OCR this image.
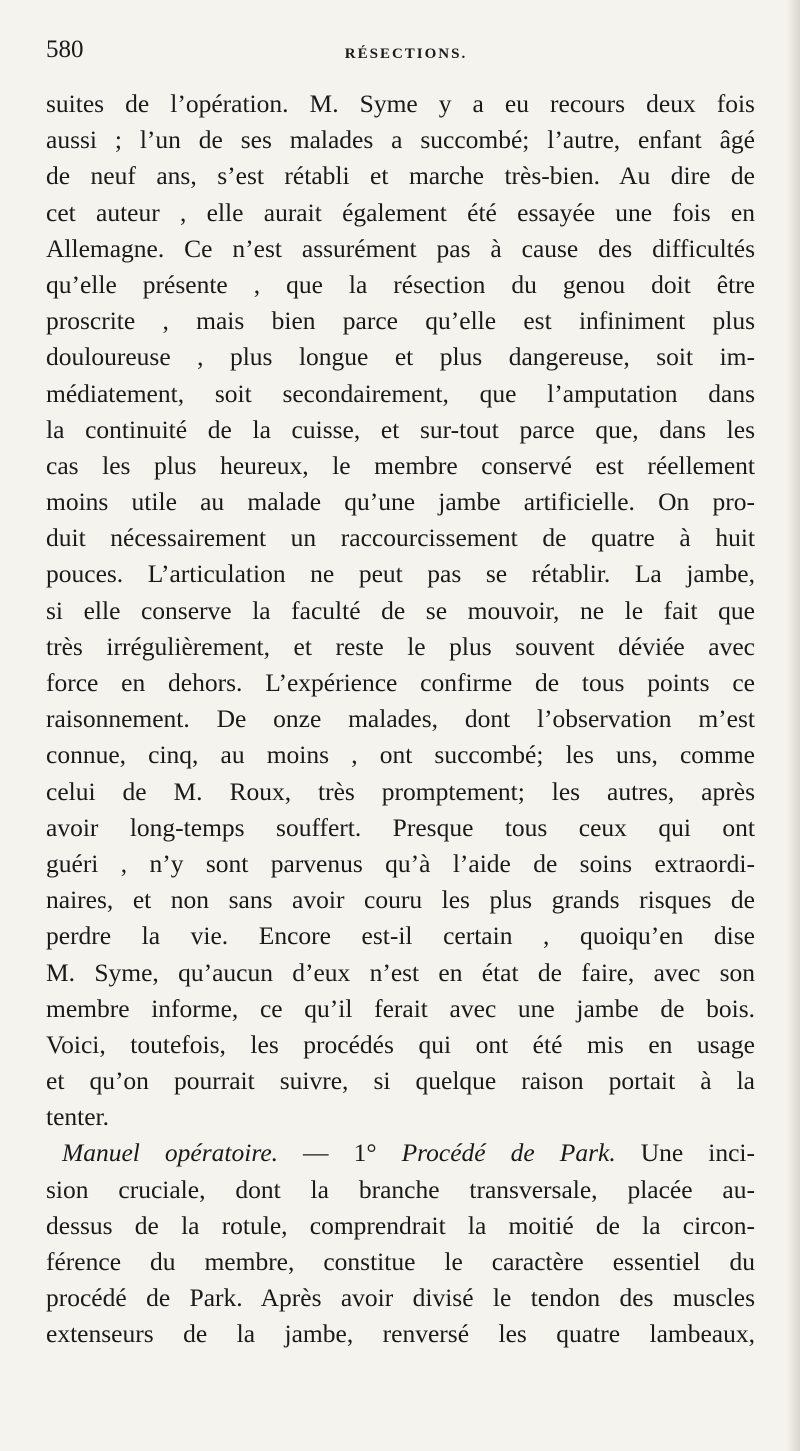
580	RÉSECTIONS.
suites de l’opération. M. Syme y a eu recours deux fois
aussi ; l’un de ses malades a succombé; l’autre, enfant âgé
de neuf ans, s’est rétabli et marche très-bien. Au dire de
cet auteur , elle aurait également été essayée une fois en
Allemagne. Ce n’est assurément pas à cause des difficultés
qu’elle présente , que la résection du genou doit être
proscrite , mais bien parce qu’elle est infiniment plus
douloureuse , plus longue et plus dangereuse, soit im-
médiatement, soit secondairement, que l’amputation dans
la continuité de la cuisse, et sur-tout parce que, dans les
cas les plus heureux, le membre conservé est réellement
moins utile au malade qu’une jambe artificielle. On pro-
duit nécessairement un raccourcissement de quatre à huit
pouces. L’articulation ne peut pas se rétablir. La jambe,
si elle conserve la faculté de se mouvoir, ne le fait que
très irrégulièrement, et reste le plus souvent déviée avec
force en dehors. L’expérience confirme de tous points ce
raisonnement. De onze malades, dont l’observation m’est
connue, cinq, au moins , ont succombé; les uns, comme
celui de M. Roux, très promptement; les autres, après
avoir long-temps souffert. Presque tous ceux qui ont
guéri , n’y sont parvenus qu’à l’aide de soins extraordi-
naires, et non sans avoir couru les plus grands risques de
perdre la vie. Encore est-il certain , quoiqu’en dise
M. Syme, qu’aucun d’eux n’est en état de faire, avec son
membre informe, ce qu’il ferait avec une jambe de bois.
Voici, toutefois, les procédés qui ont été mis en usage
et qu’on pourrait suivre, si quelque raison portait à la
tenter.
Manuel opératoire. — 1° Procédé de Park. Une inci-
sion cruciale, dont la branche transversale, placée au-
dessus de la rotule, comprendrait la moitié de la circon-
férence du membre, constitue le caractère essentiel du
procédé de Park. Après avoir divisé le tendon des muscles
extenseurs de la jambe, renversé les quatre lambeaux,
